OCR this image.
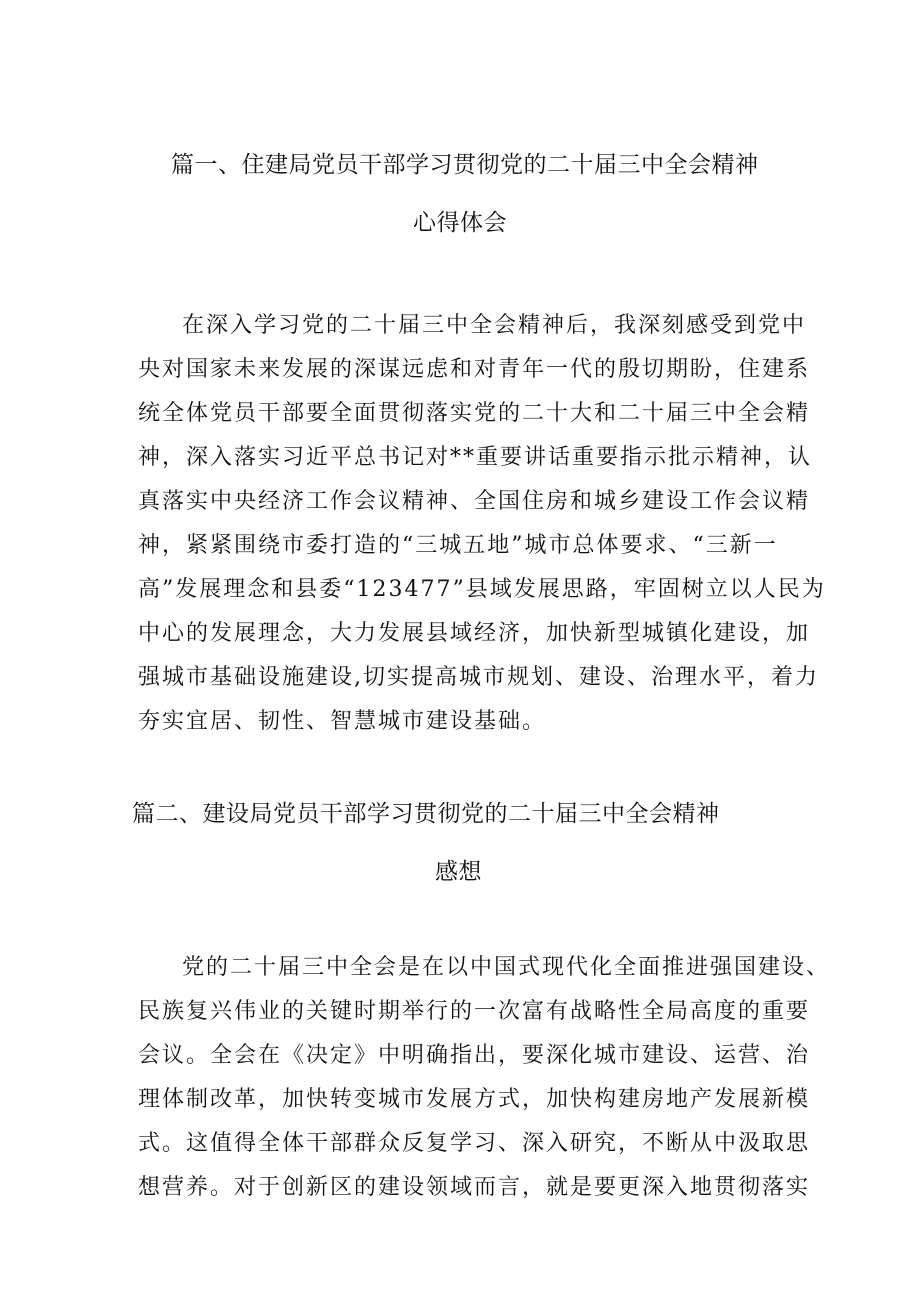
篇一、住建局党员干部学习贯彻党的二十届三中全会精神
心得体会
在深入学习党的二十届三中全会精神后，我深刻感受到党中
央对国家未来发展的深谋远虑和对青年一代的殷切期盼，住建系
统全体党员干部要全面贯彻落实党的二十大和二十届三中全会精
神，深入落实习近平总书记对**重要讲话重要指示批示精神，认
真落实中央经济工作会议精神、全国住房和城乡建设工作会议精
神，紧紧围绕市委打造的“三城五地”城市总体要求、“三新一
高”发展理念和县委“123477”县域发展思路，牢固树立以人民为
中心的发展理念，大力发展县域经济，加快新型城镇化建设，加
强城市基础设施建设,切实提高城市规划、建设、治理水平，着力
夯实宜居、韧性、智慧城市建设基础。
篇二、建设局党员干部学习贯彻党的二十届三中全会精神
感想
党的二十届三中全会是在以中国式现代化全面推进强国建设、
民族复兴伟业的关键时期举行的一次富有战略性全局高度的重要
会议。全会在《决定》中明确指出，要深化城市建设、运营、治
理体制改革，加快转变城市发展方式，加快构建房地产发展新模
式。这值得全体干部群众反复学习、深入研究，不断从中汲取思
想营养。对于创新区的建设领域而言，就是要更深入地贯彻落实
